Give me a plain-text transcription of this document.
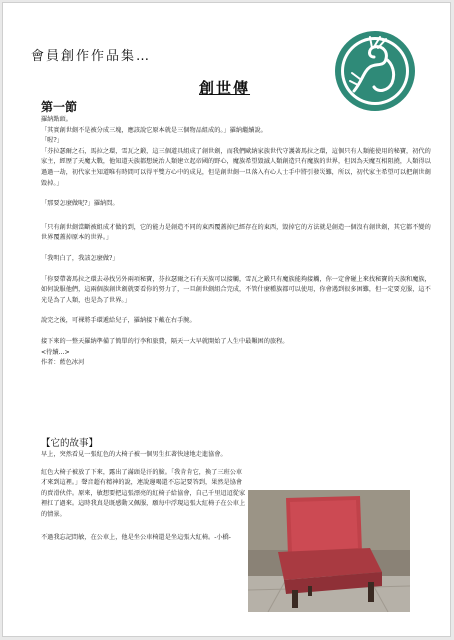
會員創作作品集…
創世傳
第一節

羅納點頭。

「其實創世劍不是被分成三塊，應該說它原本就是三個物品組成的。」羅納繼續說。

「喔?」

「芬拉瑟爾之石，馬拉之環，雪瓦之鍛，這三個道具組成了創世劍，而我們歐納家族世代守護著馬拉之環，這個只有人類能使用的秘寶，初代的家主，經歷了天魔大戰，他知道天族都想統治人類建立起帝國的野心，魔族希望毀滅人類創造只有魔族的世界，但因為天魔互相阻撓，人類得以過過一劫，初代家主知道唯有時間可以得平雙方心中的成見，但是創世劍一旦落入有心人士手中將引發災難，所以，初代家主希望可以把創世劍毀掉。」

「那要怎麼做呢?」羅納問。

「只有創世劍當斷被組成才做的到，它的能力是創造不同的東西覆蓋掉已經存在的東西，毀掉它的方法就是創造一個沒有創世劍，其它都不變的世界覆蓋掉原本的世界。」

「我明白了，我該怎麼做?」

「你要帶著馬拉之環去尋找另外兩項秘寶，芬拉瑟爾之石有天族可以接觸，雪瓦之鍛只有魔族能夠接觸，你一定會碰上來找秘寶的天族和魔族，如何說服他們，這兩個族創世劍就要看你的努力了，一旦創世劍組合完成，不管什麼種族都可以使用，你會遇到很多困難，但一定要克服，這不光是為了人類，也是為了世界。」

說完之後，可裸將手環遞給兒子，羅納接下戴在右手腕。

接下來的一整天羅納準備了簡單的行李和旅費，隔天一大早就開始了人生中最艱困的旅程。

<待續...>

作者：藍色冰河

【它的故事】

早上，突然看見一張紅色的大椅子被一個男生扛著快速地走進協會。

紅色大椅子被放了下來，露出了滿頭是汗的臉。「我肯肯它，換了三班公車才來到這裡。」聲音超有精神的說，連說邊喝還不忘記要答到，果然是協會的賣滑伙伴。原來，敏想要把這張漂亮的紅椅子給協會，自己千里迢迢從家裡扛了過來。這時我真是既感動又佩服，願每中浮現這張大紅椅子在公車上的情景。

不過我忘記問敏，在公車上，他是坐公車椅還是坐這張大紅椅。-小橋-
